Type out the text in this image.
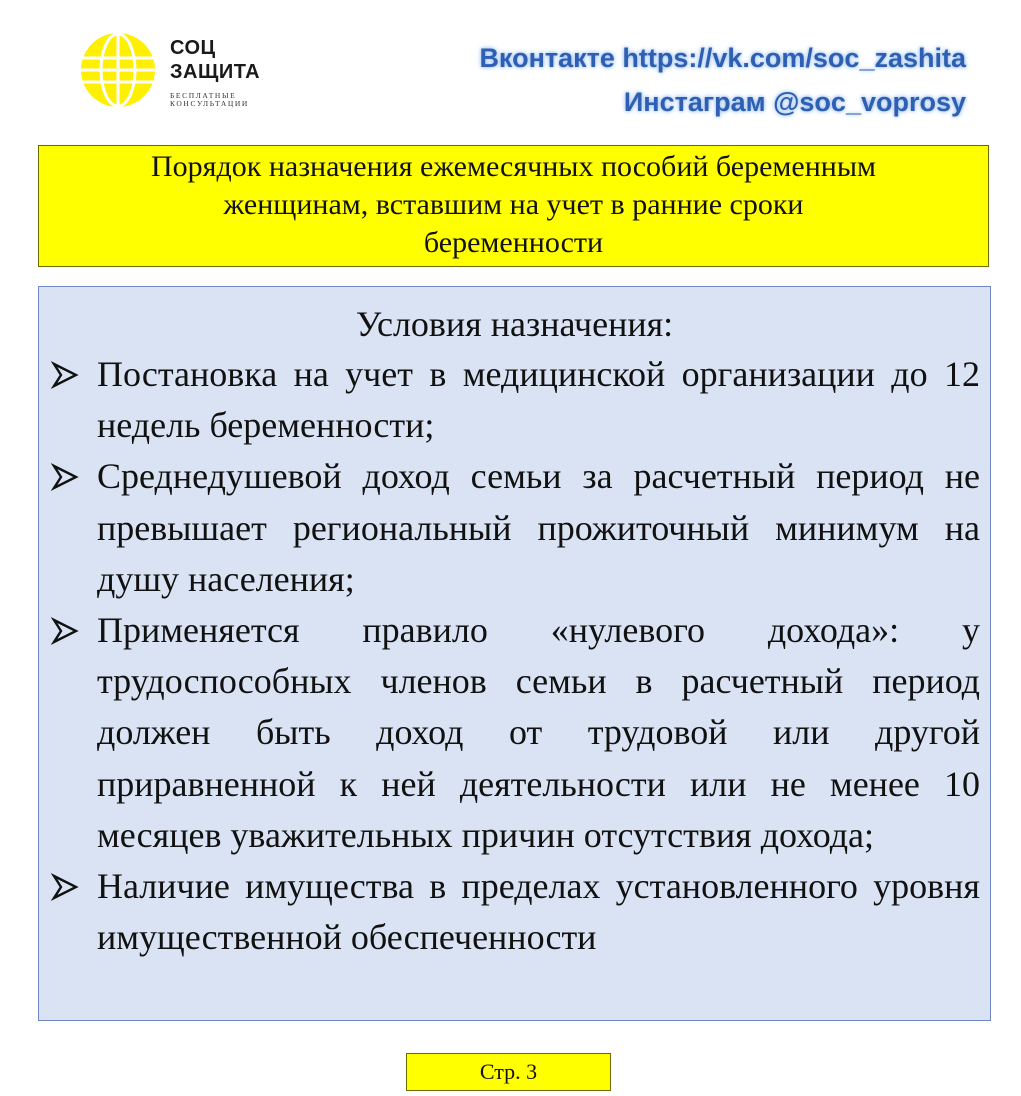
СОЦ

ЗАЩИТА

БЕСПЛАТНЫЕ
КОНСУЛЬТАЦИИ
Вконтакте https://vk.com/soc_zashita
Инстаграм @soc_voprosy
Порядок назначения ежемесячных пособий беременным
женщинам, вставшим на учет в ранние сроки
беременности

Условия назначения:

Постановка на учет в медицинской организации до 12 недель беременности;
Среднедушевой доход семьи за расчетный период не превышает региональный прожиточный минимум на душу населения;
Применяется правило «нулевого дохода»: у трудоспособных членов семьи в расчетный период должен быть доход от трудовой или другой приравненной к ней деятельности или не менее 10 месяцев уважительных причин отсутствия дохода;
Наличие имущества в пределах установленного уровня имущественной обеспеченности
Стр. 3
